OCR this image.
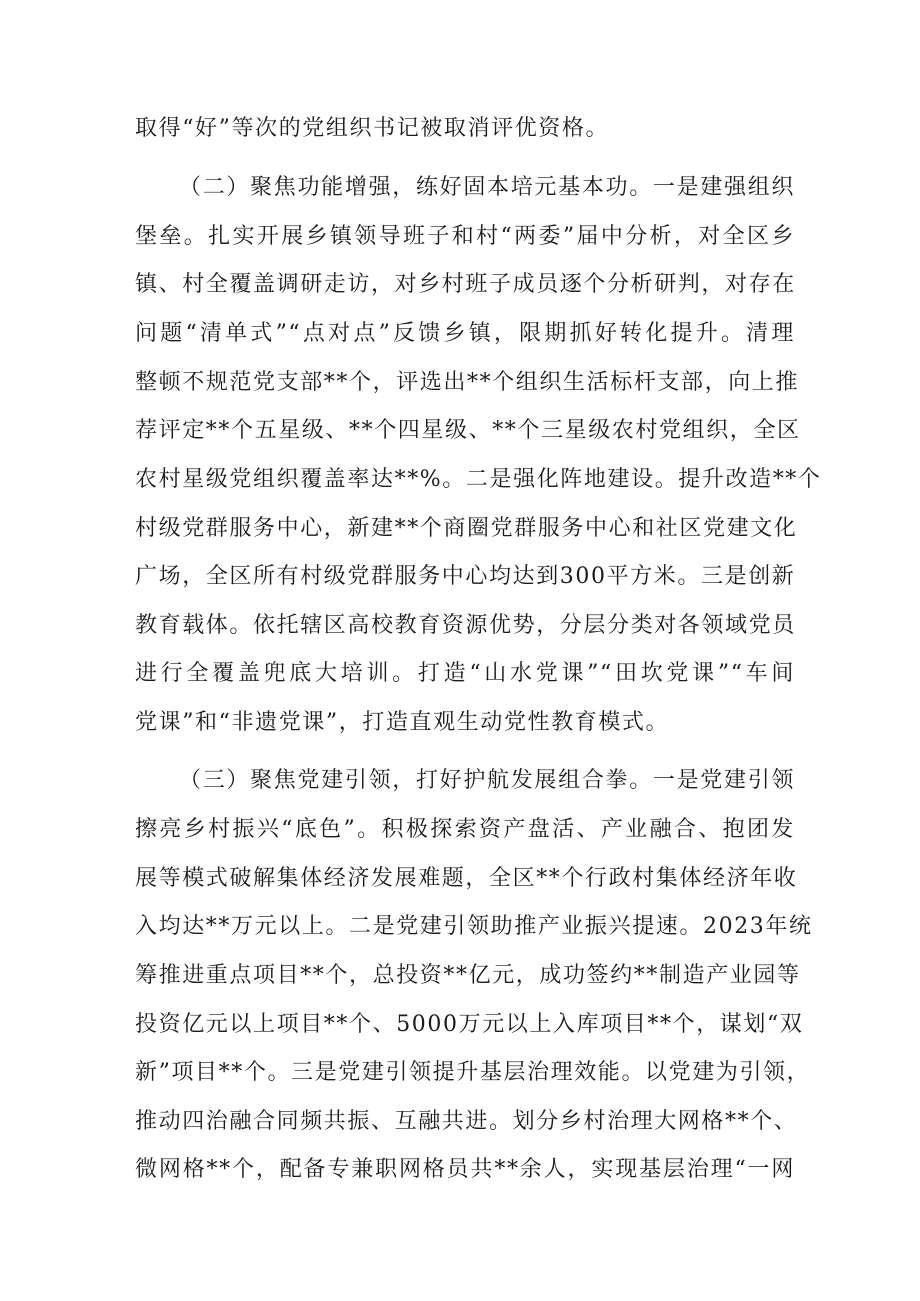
取得“好”等次的党组织书记被取消评优资格。
（二）聚焦功能增强，练好固本培元基本功。一是建强组织
堡垒。扎实开展乡镇领导班子和村“两委”届中分析，对全区乡
镇、村全覆盖调研走访，对乡村班子成员逐个分析研判，对存在
问题“清单式”“点对点”反馈乡镇，限期抓好转化提升。清理
整顿不规范党支部**个，评选出**个组织生活标杆支部，向上推
荐评定**个五星级、**个四星级、**个三星级农村党组织，全区
农村星级党组织覆盖率达**%。二是强化阵地建设。提升改造**个
村级党群服务中心，新建**个商圈党群服务中心和社区党建文化
广场，全区所有村级党群服务中心均达到300平方米。三是创新
教育载体。依托辖区高校教育资源优势，分层分类对各领域党员
进行全覆盖兜底大培训。打造“山水党课”“田坎党课”“车间
党课”和“非遗党课”，打造直观生动党性教育模式。
（三）聚焦党建引领，打好护航发展组合拳。一是党建引领
擦亮乡村振兴“底色”。积极探索资产盘活、产业融合、抱团发
展等模式破解集体经济发展难题，全区**个行政村集体经济年收
入均达**万元以上。二是党建引领助推产业振兴提速。2023年统
筹推进重点项目**个，总投资**亿元，成功签约**制造产业园等
投资亿元以上项目**个、5000万元以上入库项目**个，谋划“双
新”项目**个。三是党建引领提升基层治理效能。以党建为引领，
推动四治融合同频共振、互融共进。划分乡村治理大网格**个、
微网格**个，配备专兼职网格员共**余人，实现基层治理“一网
